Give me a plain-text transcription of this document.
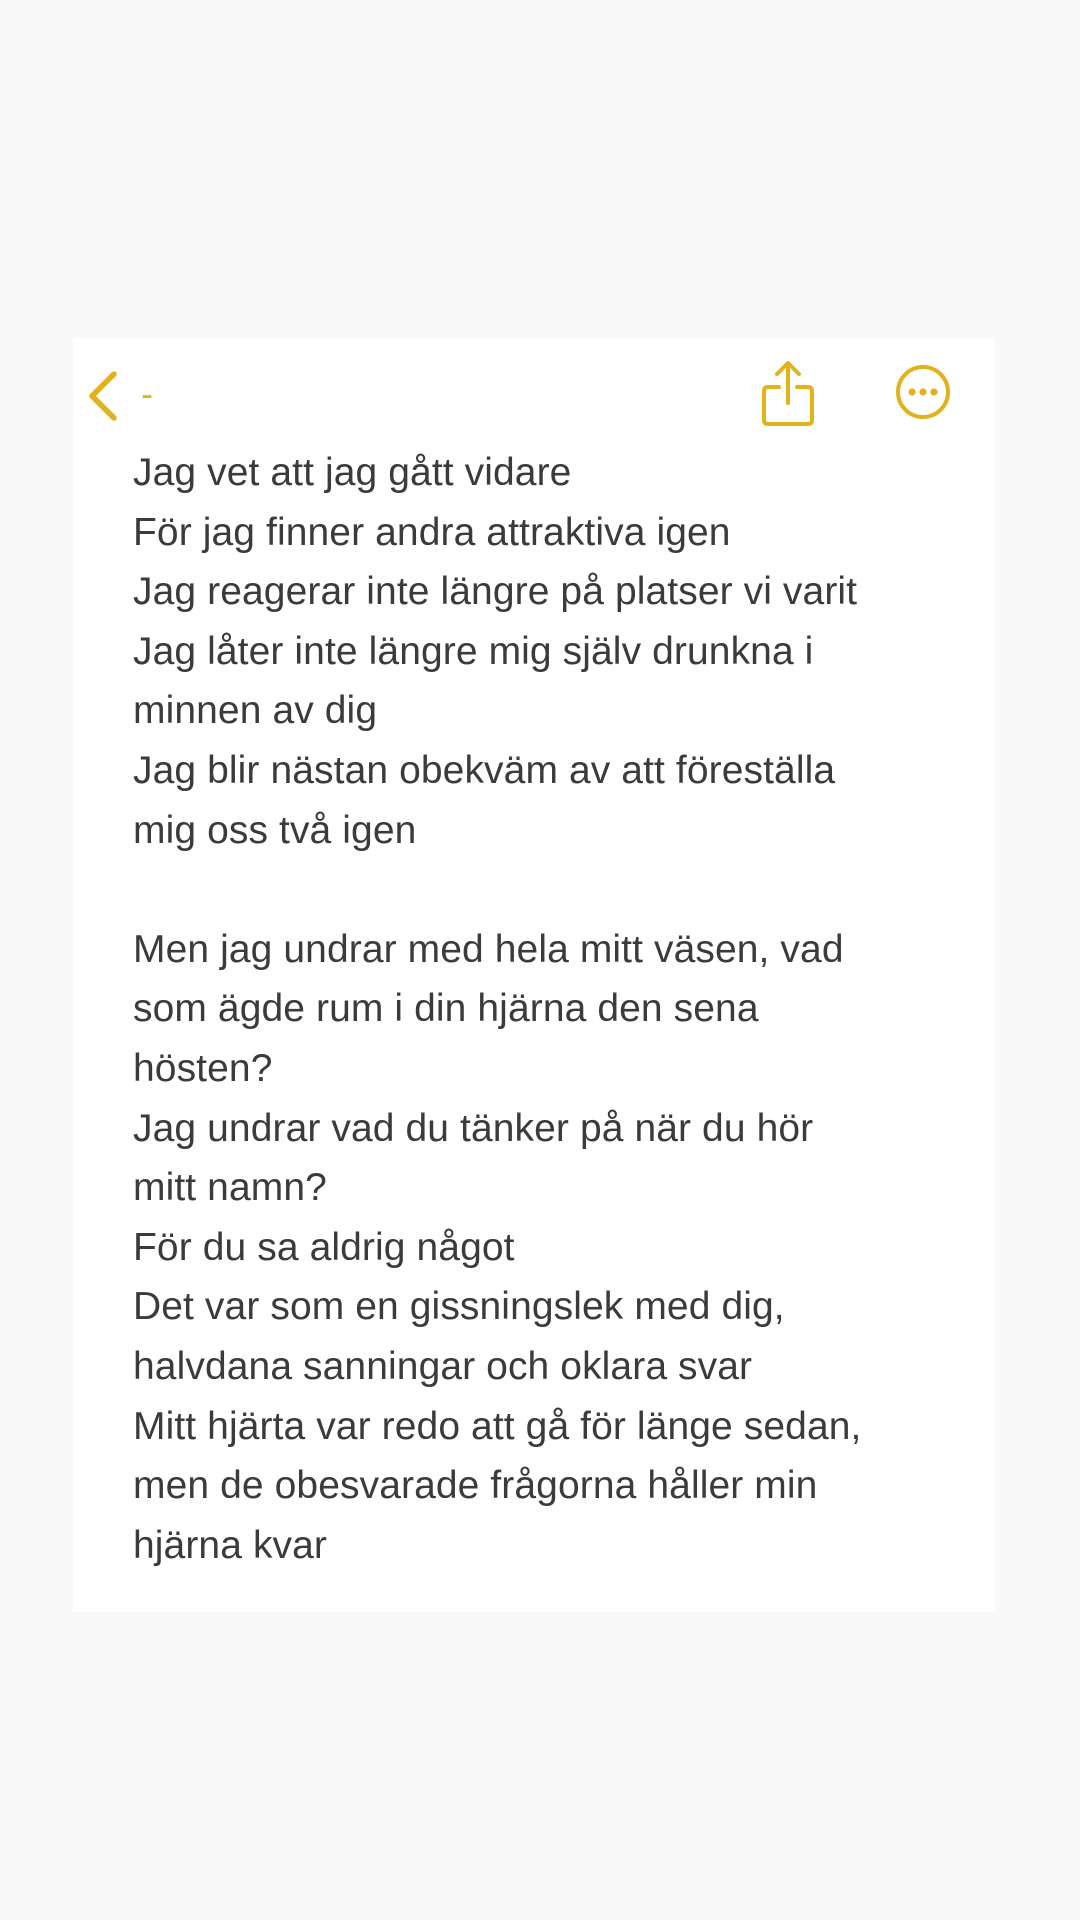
-
Jag vet att jag gått vidare
För jag finner andra attraktiva igen
Jag reagerar inte längre på platser vi varit
Jag låter inte längre mig själv drunkna i
minnen av dig
Jag blir nästan obekväm av att föreställa
mig oss två igen
Men jag undrar med hela mitt väsen, vad
som ägde rum i din hjärna den sena
hösten?
Jag undrar vad du tänker på när du hör
mitt namn?
För du sa aldrig något
Det var som en gissningslek med dig,
halvdana sanningar och oklara svar
Mitt hjärta var redo att gå för länge sedan,
men de obesvarade frågorna håller min
hjärna kvar
